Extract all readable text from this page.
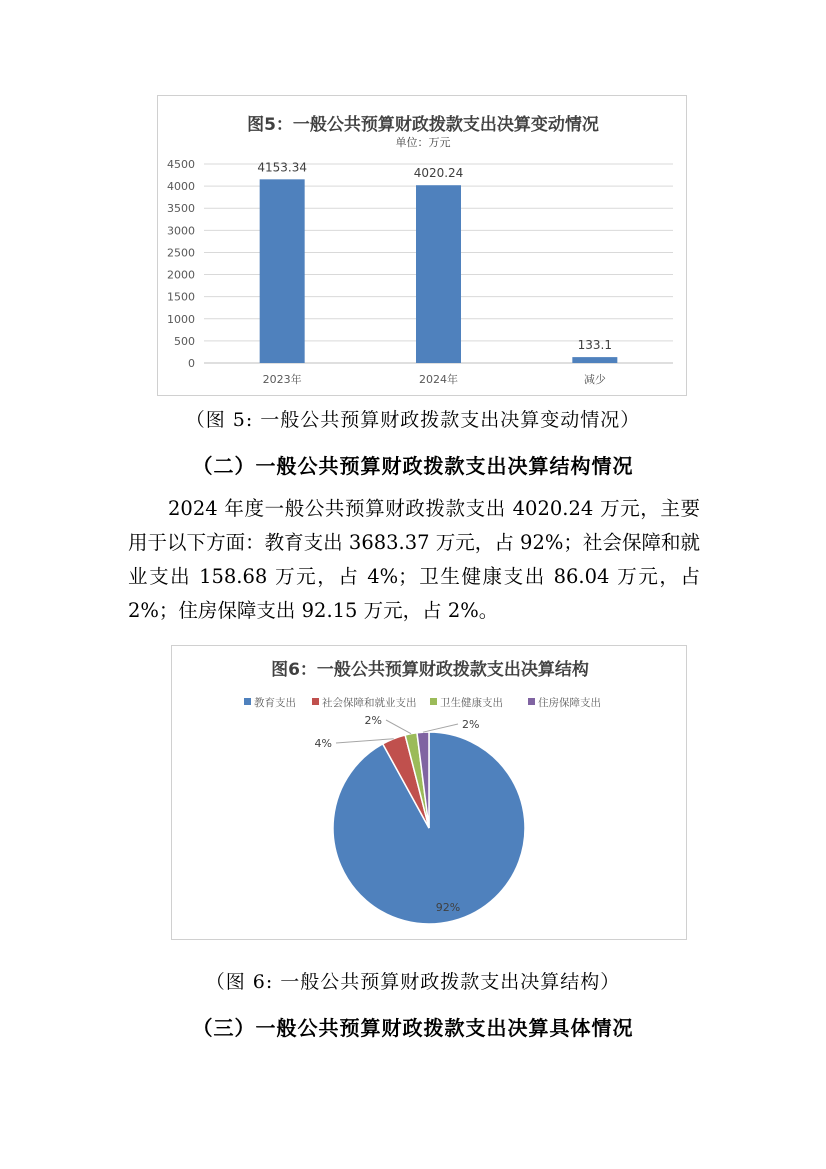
图5：一般公共预算财政拨款支出决算变动情况
单位：万元
0
500
1000
1500
2000
2500
3000
3500
4000
4500	4153.34
2023年
4020.24
2024年
133.1
减少
（图 5: 一般公共预算财政拨款支出决算变动情况）
（二）一般公共预算财政拨款支出决算结构情况
2024 年度一般公共预算财政拨款支出 4020.24 万元，主要用于以下方面：教育支出 3683.37 万元，占 92%；社会保障和就业支出 158.68 万元，占 4%；卫生健康支出 86.04 万元，占 2%；住房保障支出 92.15 万元，占 2%。
图6：一般公共预算财政拨款支出决算结构
教育支出 社会保障和就业支出 卫生健康支出	住房保障支出
92%
4%
2%	2%
（图 6: 一般公共预算财政拨款支出决算结构）
（三）一般公共预算财政拨款支出决算具体情况
